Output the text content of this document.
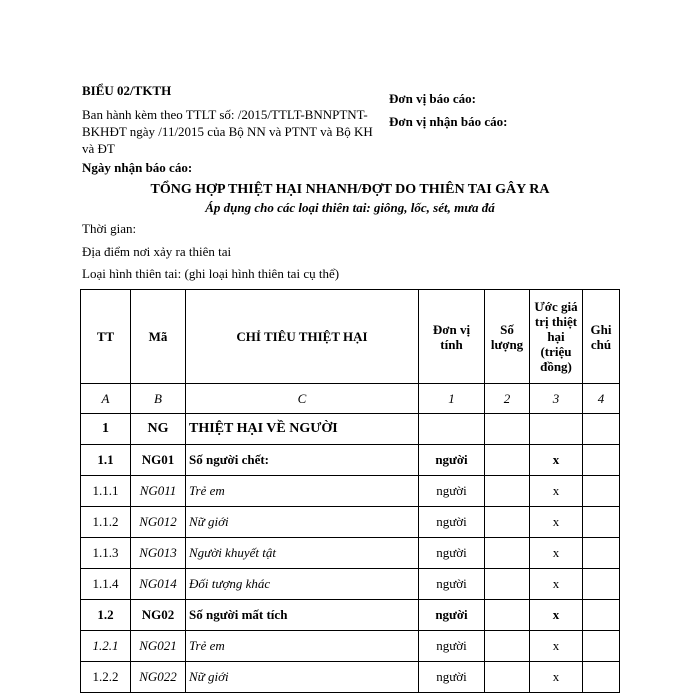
BIỂU 02/TKTH
Ban hành kèm theo TTLT số: /2015/TTLT-BNNPTNT-BKHĐT ngày /11/2015 của Bộ NN và PTNT và Bộ KH và ĐT
Đơn vị báo cáo:
Đơn vị nhận báo cáo:
Ngày nhận báo cáo:
TỔNG HỢP THIỆT HẠI NHANH/ĐỢT DO THIÊN TAI GÂY RA
Áp dụng cho các loại thiên tai: giông, lốc, sét, mưa đá
Thời gian:
Địa điểm nơi xảy ra thiên tai
Loại hình thiên tai: (ghi loại hình thiên tai cụ thể)
TT	Mã	CHỈ TIÊU THIỆT HẠI	Đơn vị tính	Số lượng	Ước giá trị thiệt hại (triệu đồng)	Ghi chú
A	B	C	1	2	3	4
1	NG	THIỆT HẠI VỀ NGƯỜI				
1.1	NG01	Số người chết:	người		x	
1.1.1	NG011	Trẻ em	người		x	
1.1.2	NG012	Nữ giới	người		x	
1.1.3	NG013	Người khuyết tật	người		x	
1.1.4	NG014	Đối tượng khác	người		x	
1.2	NG02	Số người mất tích	người		x	
1.2.1	NG021	Trẻ em	người		x	
1.2.2	NG022	Nữ giới	người		x	
